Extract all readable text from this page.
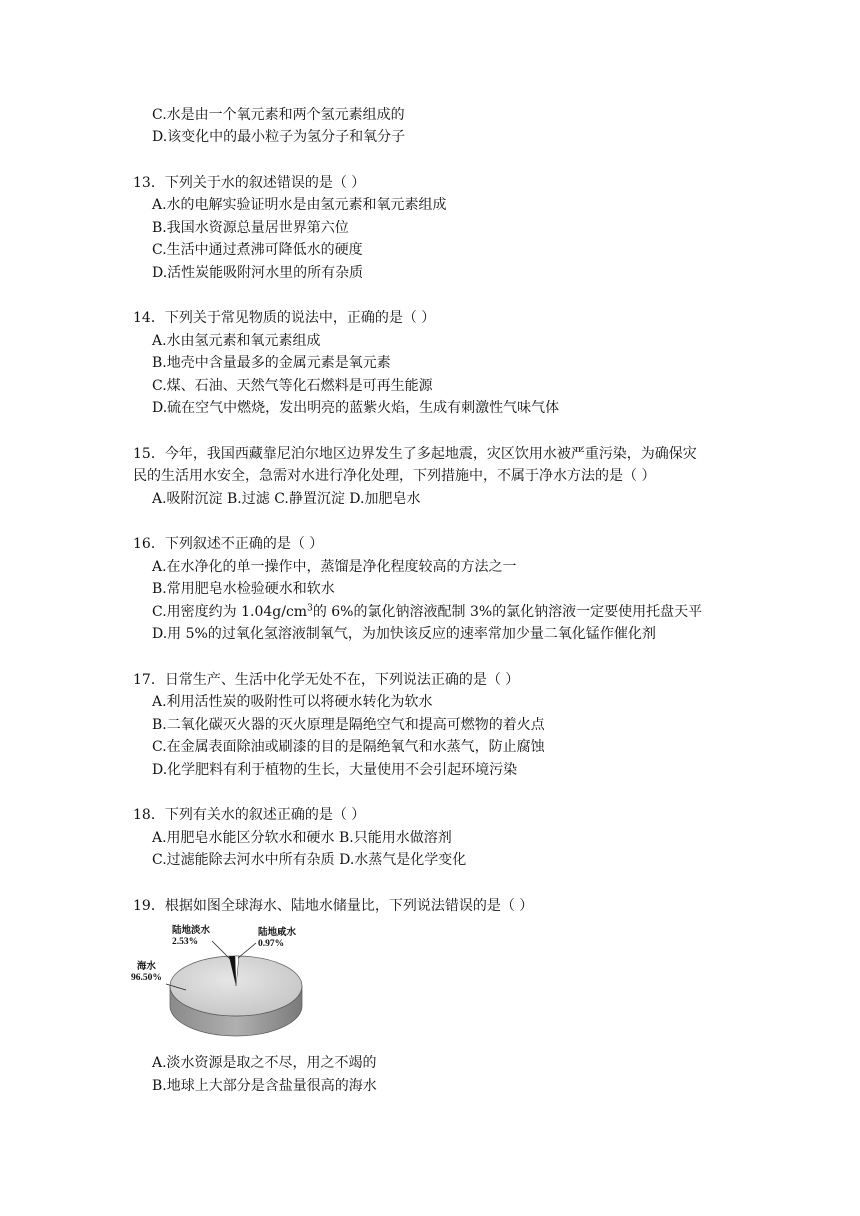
C.水是由一个氧元素和两个氢元素组成的
D.该变化中的最小粒子为氢分子和氧分子
13．下列关于水的叙述错误的是（ ）
A.水的电解实验证明水是由氢元素和氧元素组成
B.我国水资源总量居世界第六位
C.生活中通过煮沸可降低水的硬度
D.活性炭能吸附河水里的所有杂质
14．下列关于常见物质的说法中，正确的是（ ）
A.水由氢元素和氧元素组成
B.地壳中含量最多的金属元素是氧元素
C.煤、石油、天然气等化石燃料是可再生能源
D.硫在空气中燃烧，发出明亮的蓝紫火焰，生成有刺激性气味气体
15．今年，我国西藏靠尼泊尔地区边界发生了多起地震，灾区饮用水被严重污染，为确保灾
民的生活用水安全，急需对水进行净化处理，下列措施中，不属于净水方法的是（ ）
A.吸附沉淀 B.过滤 C.静置沉淀 D.加肥皂水
16．下列叙述不正确的是（ ）
A.在水净化的单一操作中，蒸馏是净化程度较高的方法之一
B.常用肥皂水检验硬水和软水
C.用密度约为 $1.04g/cm^3$的 6%的氯化钠溶液配制 3%的氯化钠溶液一定要使用托盘天平
D.用 5%的过氧化氢溶液制氧气，为加快该反应的速率常加少量二氧化锰作催化剂
17．日常生产、生活中化学无处不在，下列说法正确的是（ ）
A.利用活性炭的吸附性可以将硬水转化为软水
B.二氧化碳灭火器的灭火原理是隔绝空气和提高可燃物的着火点
C.在金属表面除油或刷漆的目的是隔绝氧气和水蒸气，防止腐蚀
D.化学肥料有利于植物的生长，大量使用不会引起环境污染
18．下列有关水的叙述正确的是（ ）
A.用肥皂水能区分软水和硬水 B.只能用水做溶剂
C.过滤能除去河水中所有杂质 D.水蒸气是化学变化
19．根据如图全球海水、陆地水储量比，下列说法错误的是（ ）
陆地淡水
2.53%
陆地咸水
0.97%
海水
96.50%
A.淡水资源是取之不尽，用之不竭的
B.地球上大部分是含盐量很高的海水
